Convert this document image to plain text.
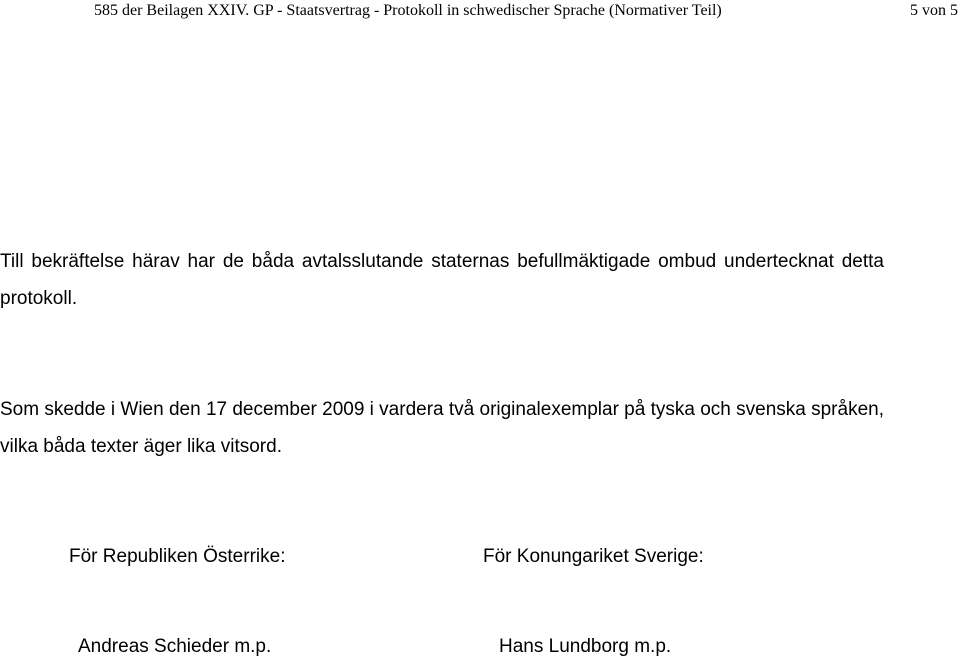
585 der Beilagen XXIV. GP - Staatsvertrag - Protokoll in schwedischer Sprache (Normativer Teil)	5 von 5

Till bekräftelse härav har de båda avtalsslutande staternas befullmäktigade ombud undertecknat detta protokoll.

Som skedde i Wien den 17 december 2009 i vardera två originalexemplar på tyska och svenska språken, vilka båda texter äger lika vitsord.

För Republiken Österrike:	För Konungariket Sverige:
Andreas Schieder m.p.	Hans Lundborg m.p.
